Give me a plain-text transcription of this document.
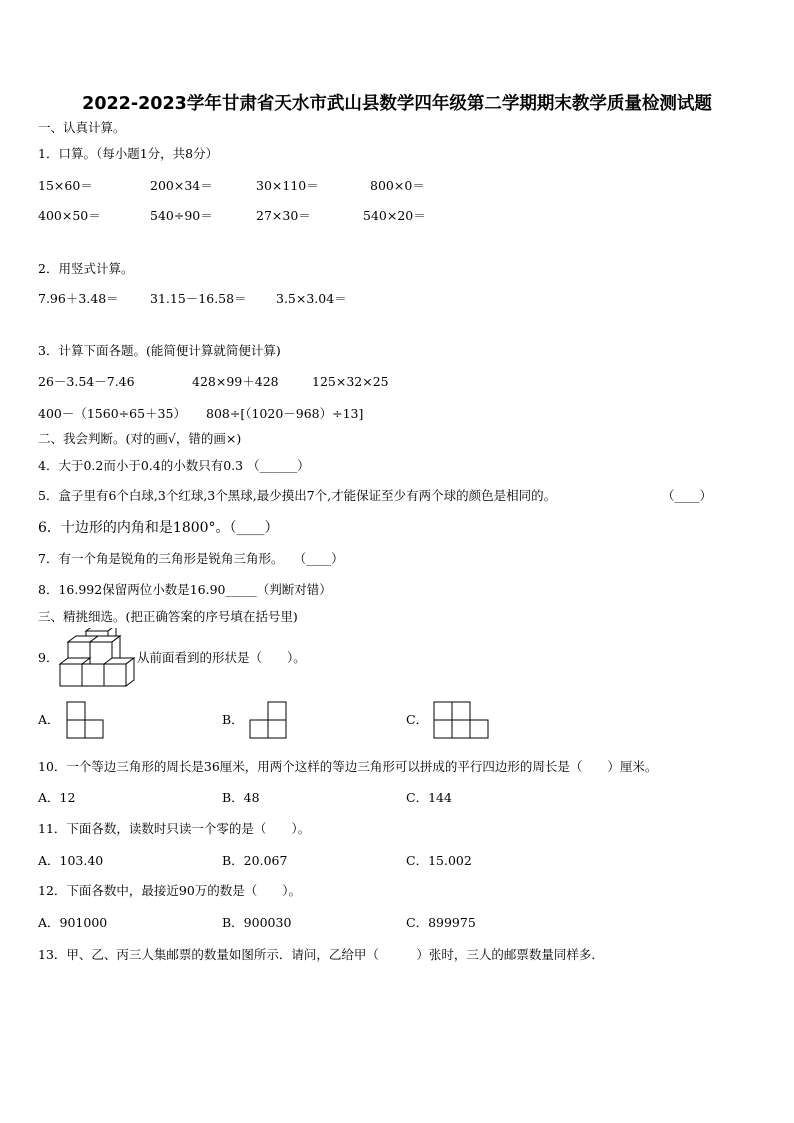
2022-2023学年甘肃省天水市武山县数学四年级第二学期期末教学质量检测试题
一、认真计算。
1．口算。（每小题1分，共8分）
15×60＝	200×34＝	30×110＝	800×0＝
400×50＝	540÷90＝	27×30＝	540×20＝
2．用竖式计算。
7.96＋3.48＝	31.15－16.58＝ 3.5×3.04＝
3．计算下面各题。(能简便计算就简便计算)
26－3.54－7.46	428×99＋428	125×32×25
400－（1560÷65＋35） 808÷[（1020－968）÷13]
二、我会判断。(对的画√，错的画×)
4．大于0.2而小于0.4的小数只有0.3 （______）
5．盒子里有6个白球,3个红球,3个黑球,最少摸出7个,才能保证至少有两个球的颜色是相同的。	（____）
6．十边形的内角和是1800°。（____）
7．有一个角是锐角的三角形是锐角三角形。　 （____）
8．16.992保留两位小数是16.90_____（判断对错）
三、精挑细选。(把正确答案的序号填在括号里)
9．	从前面看到的形状是（　　）。
A．	B．	C．
10．一个等边三角形的周长是36厘米，用两个这样的等边三角形可以拼成的平行四边形的周长是（　　）厘米。
A．12	B．48	C．144
11．下面各数，读数时只读一个零的是（　　）。
A．103.40	B．20.067	C．15.002
12．下面各数中，最接近90万的数是（　　）。
A．901000	B．900030	C．899975
13．甲、乙、丙三人集邮票的数量如图所示．请问，乙给甲（　　　）张时，三人的邮票数量同样多．
